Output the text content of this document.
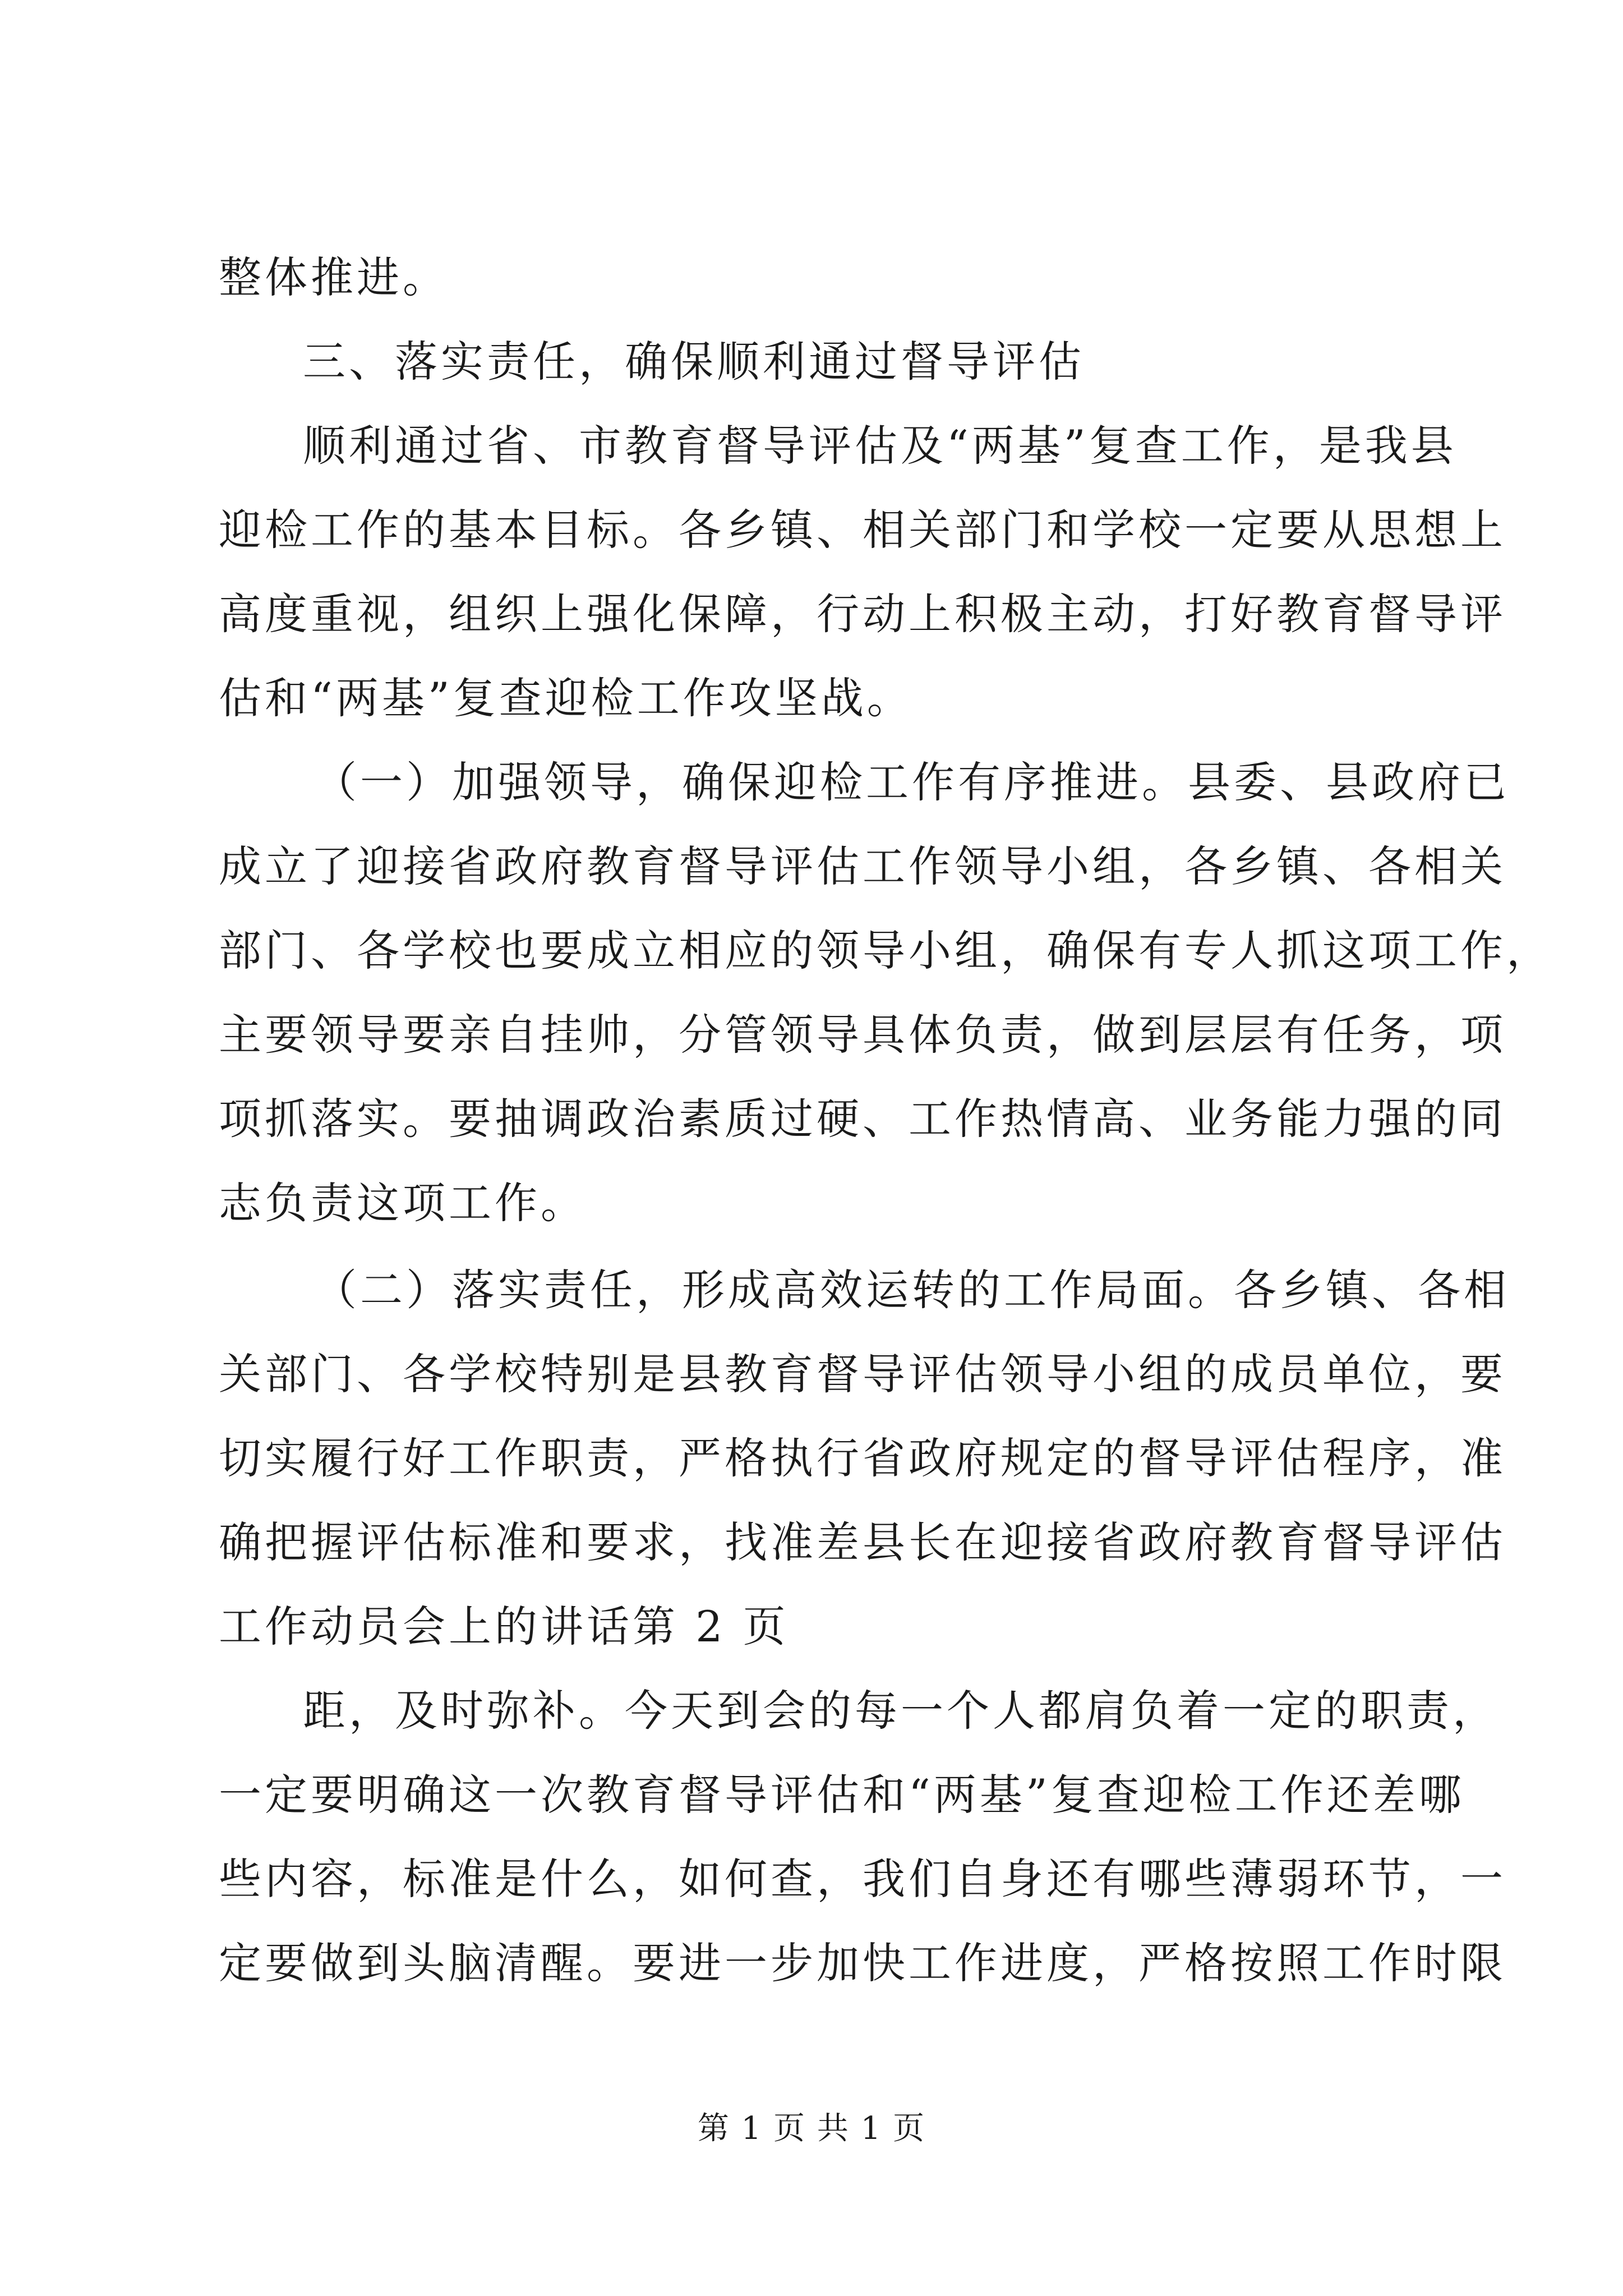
整体推进。
三、落实责任，确保顺利通过督导评估
顺利通过省、市教育督导评估及“两基”复查工作，是我县
迎检工作的基本目标。各乡镇、相关部门和学校一定要从思想上
高度重视，组织上强化保障，行动上积极主动，打好教育督导评
估和“两基”复查迎检工作攻坚战。
（一）加强领导，确保迎检工作有序推进。县委、县政府已
成立了迎接省政府教育督导评估工作领导小组，各乡镇、各相关
部门、各学校也要成立相应的领导小组，确保有专人抓这项工作，
主要领导要亲自挂帅，分管领导具体负责，做到层层有任务，项
项抓落实。要抽调政治素质过硬、工作热情高、业务能力强的同
志负责这项工作。
（二）落实责任，形成高效运转的工作局面。各乡镇、各相
关部门、各学校特别是县教育督导评估领导小组的成员单位，要
切实履行好工作职责，严格执行省政府规定的督导评估程序，准
确把握评估标准和要求，找准差县长在迎接省政府教育督导评估
工作动员会上的讲话第 2 页
距，及时弥补。今天到会的每一个人都肩负着一定的职责，
一定要明确这一次教育督导评估和“两基”复查迎检工作还差哪
些内容，标准是什么，如何查，我们自身还有哪些薄弱环节，一
定要做到头脑清醒。要进一步加快工作进度，严格按照工作时限
第 1 页 共 1 页
